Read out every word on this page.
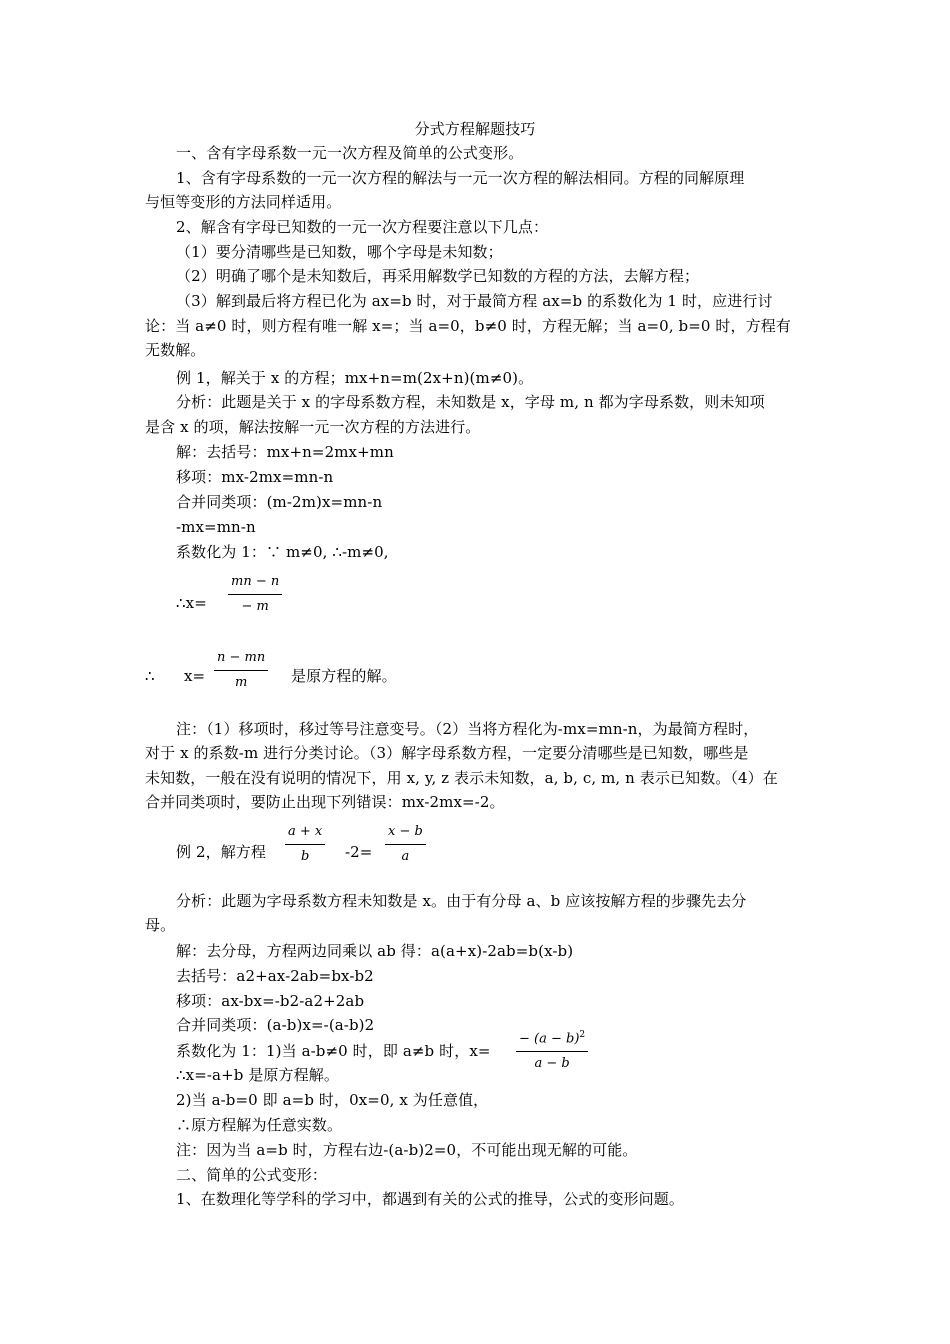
分式方程解题技巧
一、含有字母系数一元一次方程及简单的公式变形。
1、含有字母系数的一元一次方程的解法与一元一次方程的解法相同。方程的同解原理
与恒等变形的方法同样适用。
2、解含有字母已知数的一元一次方程要注意以下几点：
（1）要分清哪些是已知数，哪个字母是未知数；
（2）明确了哪个是未知数后，再采用解数学已知数的方程的方法，去解方程；
（3）解到最后将方程已化为 ax=b 时，对于最简方程 ax=b 的系数化为 1 时，应进行讨
论：当 a≠0 时，则方程有唯一解 x=；当 a=0，b≠0 时，方程无解；当 a=0, b=0 时，方程有
无数解。
例 1，解关于 x 的方程；mx+n=m(2x+n)(m≠0)。
分析：此题是关于 x 的字母系数方程，未知数是 x，字母 m, n 都为字母系数，则未知项
是含 x 的项，解法按解一元一次方程的方法进行。
解：去括号：mx+n=2mx+mn
移项：mx-2mx=mn-n
合并同类项：(m-2m)x=mn-n
-mx=mn-n
系数化为 1：∵ m≠0, ∴-m≠0,
∴x=
mn − n
− m
∴ x=
n − mn
m	是原方程的解。
注：（1）移项时，移过等号注意变号。（2）当将方程化为-mx=mn-n，为最简方程时，
对于 x 的系数-m 进行分类讨论。（3）解字母系数方程，一定要分清哪些是已知数，哪些是
未知数，一般在没有说明的情况下，用 x, y, z 表示未知数，a, b, c, m, n 表示已知数。（4）在
合并同类项时，要防止出现下列错误：mx-2mx=-2。
例 2，解方程
a + x
b -2=
x − b
a
分析：此题为字母系数方程未知数是 x。由于有分母 a、b 应该按解方程的步骤先去分
母。
解：去分母，方程两边同乘以 ab 得：a(a+x)-2ab=b(x-b)
去括号：a2+ax-2ab=bx-b2
移项：ax-bx=-b2-a2+2ab
合并同类项：(a-b)x=-(a-b)2
系数化为 1：1)当 a-b≠0 时，即 a≠b 时，x=
− $(a - b)^2$
a − b
∴x=-a+b 是原方程解。
2)当 a-b=0 即 a=b 时，0x=0, x 为任意值，
∴原方程解为任意实数。
注：因为当 a=b 时，方程右边-(a-b)2=0，不可能出现无解的可能。
二、简单的公式变形：
1、在数理化等学科的学习中，都遇到有关的公式的推导，公式的变形问题。
